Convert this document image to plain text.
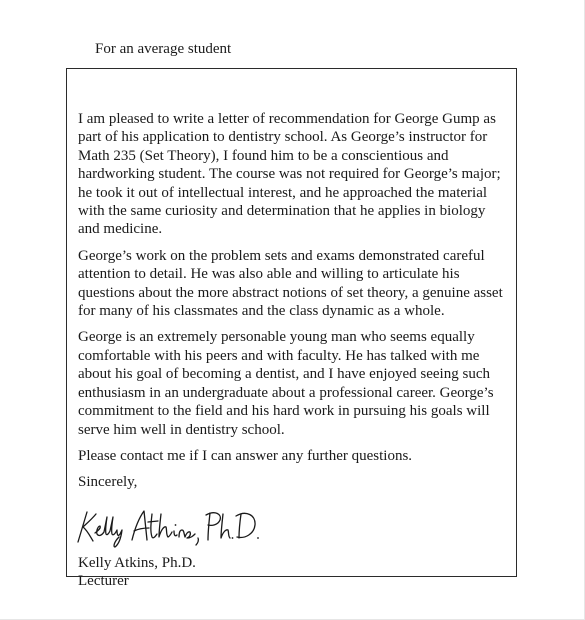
For an average student

I am pleased to write a letter of recommendation for George Gump as part of his application to dentistry school. As George’s instructor for Math 235 (Set Theory), I found him to be a conscientious and hardworking student. The course was not required for George’s major; he took it out of intellectual interest, and he approached the material with the same curiosity and determination that he applies in biology and medicine.

George’s work on the problem sets and exams demonstrated careful attention to detail. He was also able and willing to articulate his questions about the more abstract notions of set theory, a genuine asset for many of his classmates and the class dynamic as a whole.

George is an extremely personable young man who seems equally comfortable with his peers and with faculty. He has talked with me about his goal of becoming a dentist, and I have enjoyed seeing such enthusiasm in an undergraduate about a professional career. George’s commitment to the field and his hard work in pursuing his goals will serve him well in dentistry school.

Please contact me if I can answer any further questions.

Sincerely,

Kelly Atkins, Ph.D.

Lecturer
